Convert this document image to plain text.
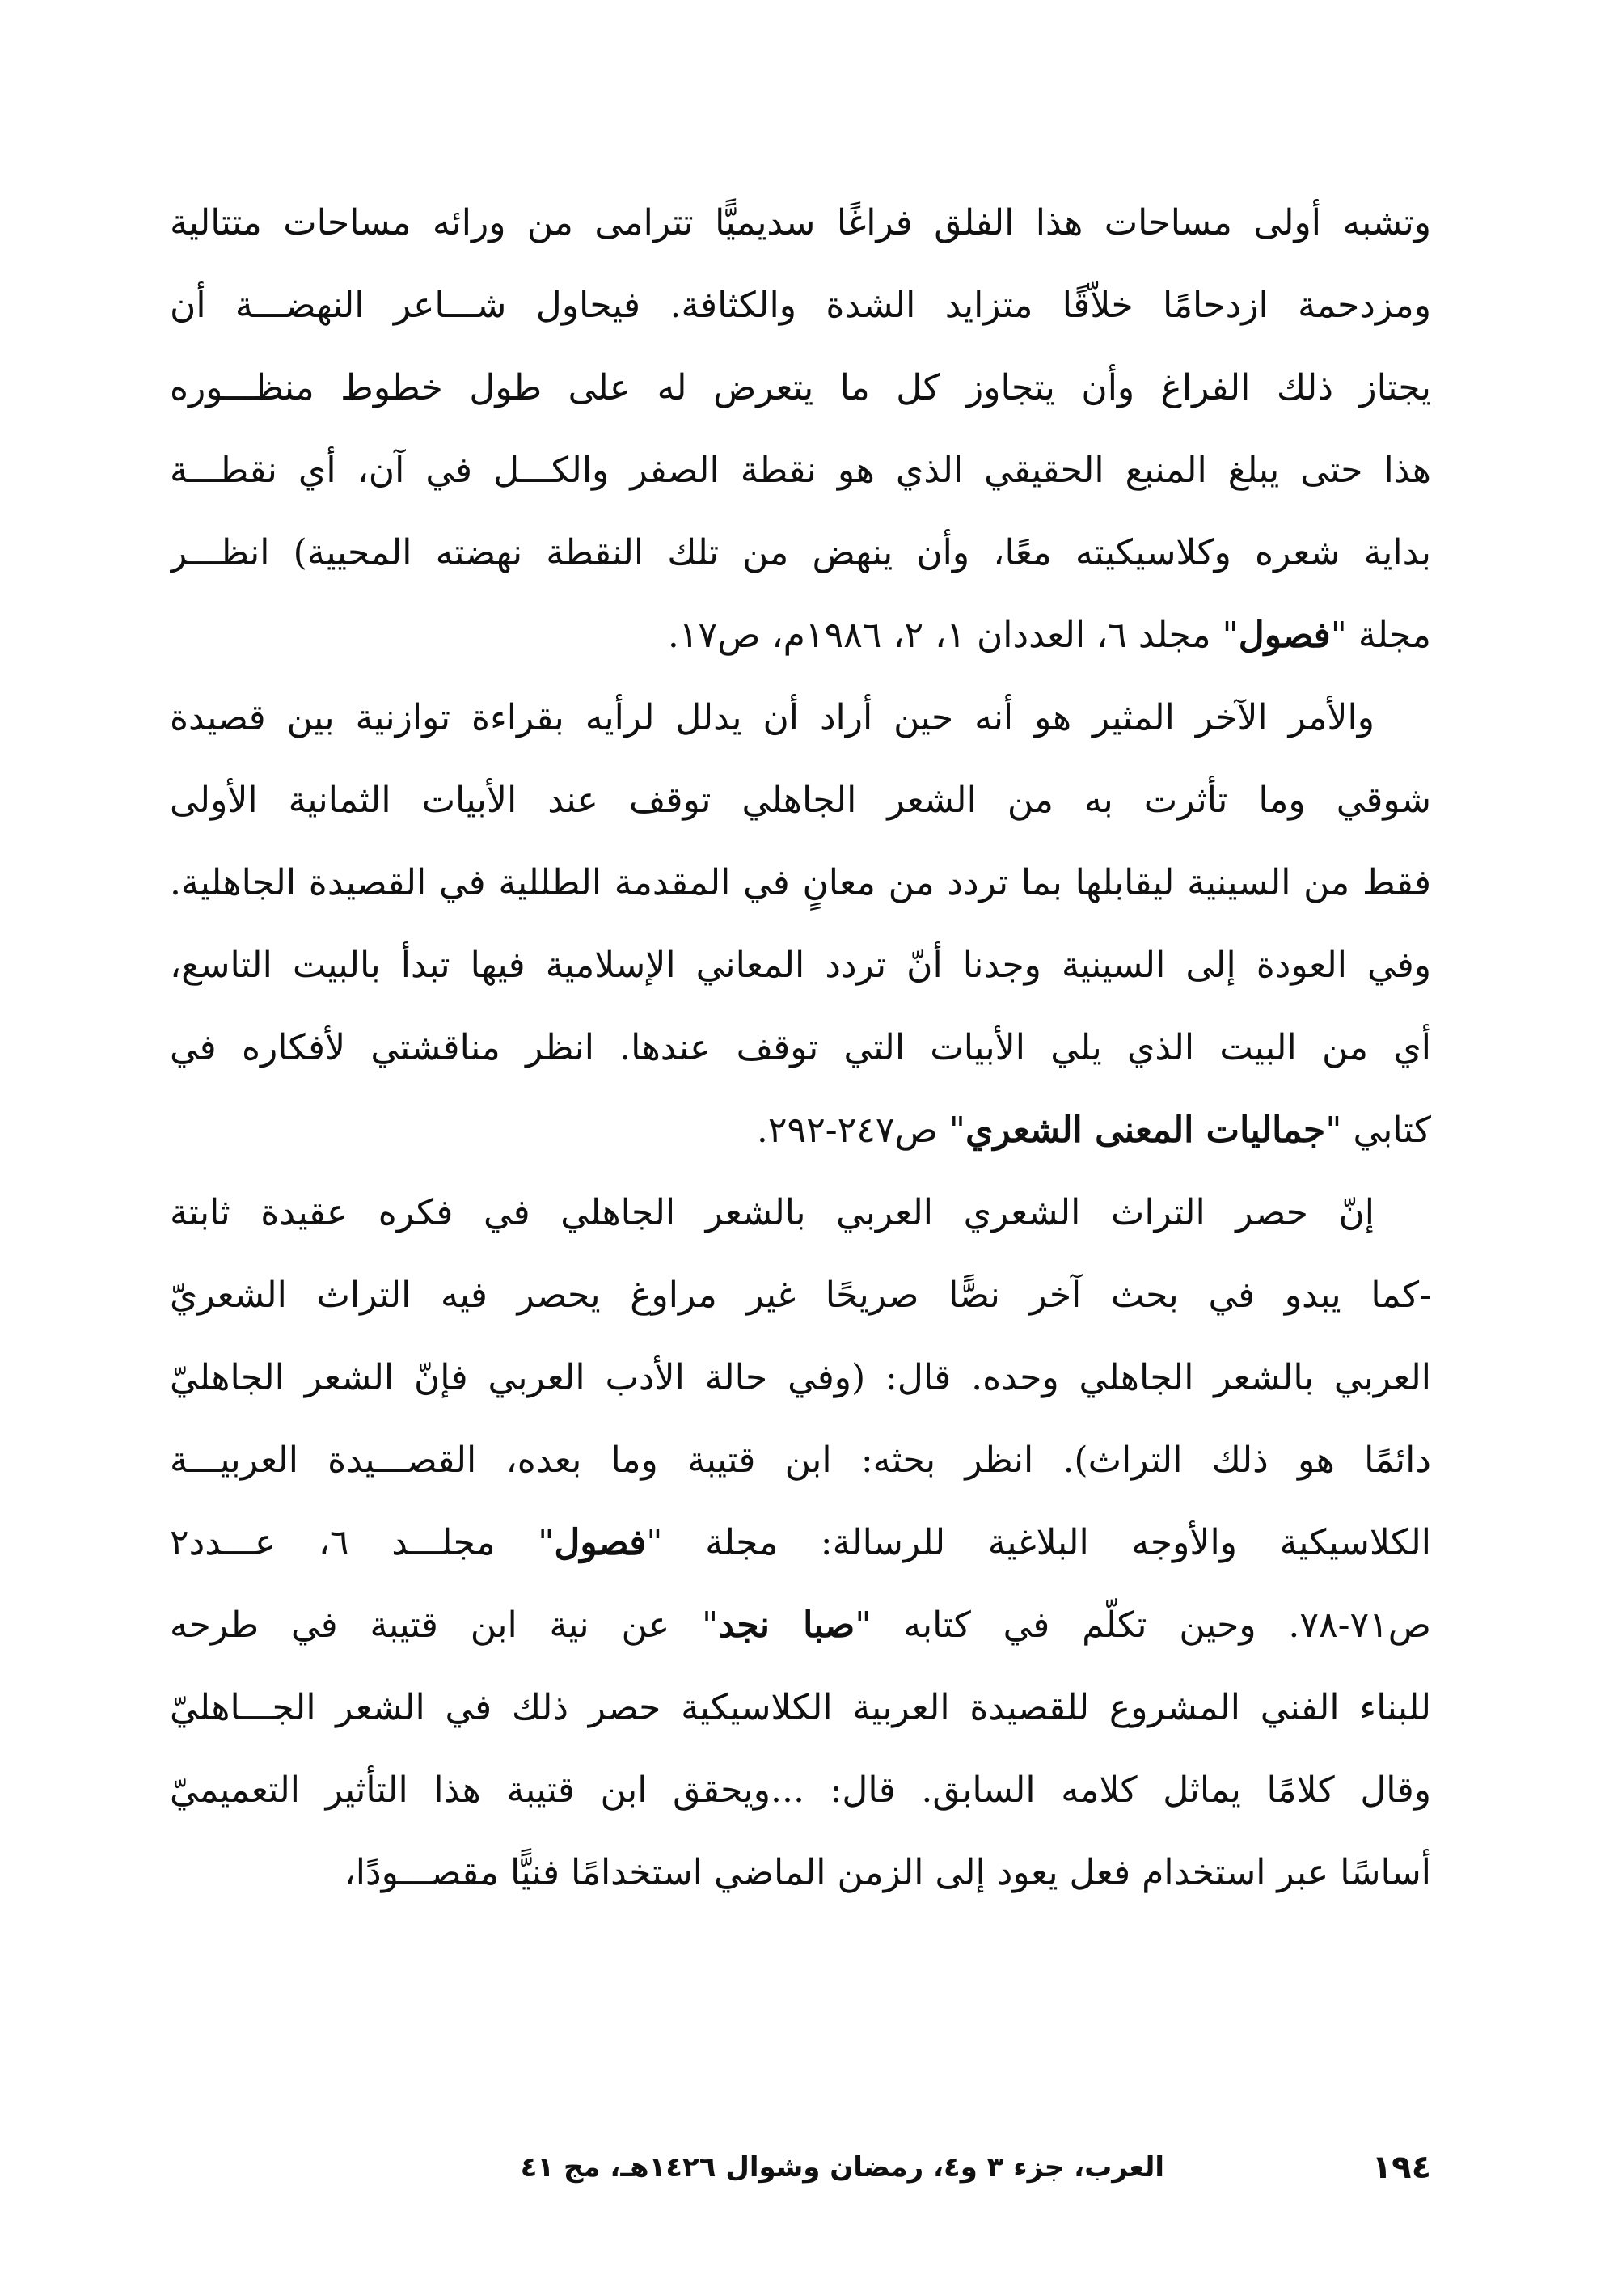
وتشبه أولى مساحات هذا الفلق فراغًا سديميًّا تترامى من ورائه مساحات متتالية
ومزدحمة ازدحامًا خلاّقًا متزايد الشدة والكثافة. فيحاول شـــاعر النهضـــة أن
يجتاز ذلك الفراغ وأن يتجاوز كل ما يتعرض له على طول خطوط منظـــوره
هذا حتى يبلغ المنبع الحقيقي الذي هو نقطة الصفر والكـــل في آن، أي نقطـــة
بداية شعره وكلاسيكيته معًا، وأن ينهض من تلك النقطة نهضته المحيية) انظـــر
مجلة "فصول" مجلد ٦، العددان ١، ٢، ١٩٨٦م، ص١٧.
والأمر الآخر المثير هو أنه حين أراد أن يدلل لرأيه بقراءة توازنية بين قصيدة
شوقي وما تأثرت به من الشعر الجاهلي توقف عند الأبيات الثمانية الأولى
فقط من السينية ليقابلها بما تردد من معانٍ في المقدمة الطللية في القصيدة الجاهلية.
وفي العودة إلى السينية وجدنا أنّ تردد المعاني الإسلامية فيها تبدأ بالبيت التاسع،
أي من البيت الذي يلي الأبيات التي توقف عندها. انظر مناقشتي لأفكاره في
كتابي "جماليات المعنى الشعري" ص٢٤٧-٢٩٢.
إنّ حصر التراث الشعري العربي بالشعر الجاهلي في فكره عقيدة ثابتة
-كما يبدو في بحث آخر نصًّا صريحًا غير مراوغ يحصر فيه التراث الشعريّ
العربي بالشعر الجاهلي وحده. قال: (وفي حالة الأدب العربي فإنّ الشعر الجاهليّ
دائمًا هو ذلك التراث). انظر بحثه: ابن قتيبة وما بعده، القصـــيدة العربيـــة
الكلاسيكية والأوجه البلاغية للرسالة: مجلة "فصول" مجلـــد ٦، عـــدد٢
ص٧١-٧٨. وحين تكلّم في كتابه "صبا نجد" عن نية ابن قتيبة في طرحه
للبناء الفني المشروع للقصيدة العربية الكلاسيكية حصر ذلك في الشعر الجـــاهليّ
وقال كلامًا يماثل كلامه السابق. قال: ...ويحقق ابن قتيبة هذا التأثير التعميميّ
أساسًا عبر استخدام فعل يعود إلى الزمن الماضي استخدامًا فنيًّا مقصـــودًا،
١٩٤
العرب، جزء ٣ و٤، رمضان وشوال ١٤٢٦هـ، مج ٤١
